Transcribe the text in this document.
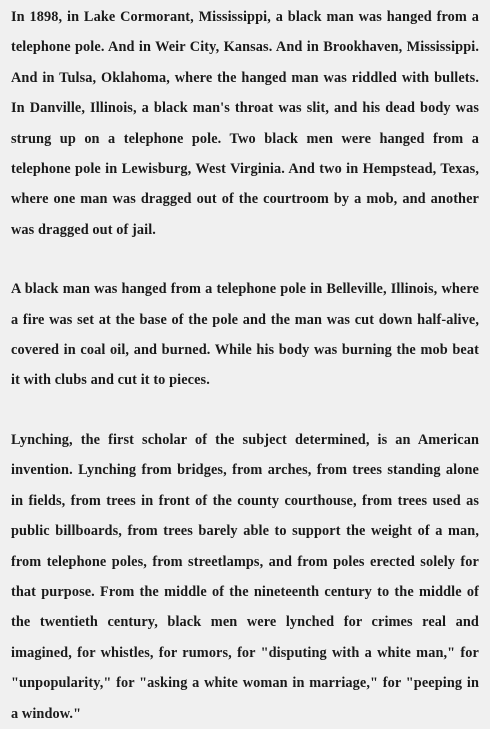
In 1898, in Lake Cormorant, Mississippi, a black man was hanged from a telephone pole. And in Weir City, Kansas. And in Brookhaven, Mississippi. And in Tulsa, Oklahoma, where the hanged man was riddled with bullets. In Danville, Illinois, a black man's throat was slit, and his dead body was strung up on a telephone pole. Two black men were hanged from a telephone pole in Lewisburg, West Virginia. And two in Hempstead, Texas, where one man was dragged out of the courtroom by a mob, and another was dragged out of jail.

A black man was hanged from a telephone pole in Belleville, Illinois, where a fire was set at the base of the pole and the man was cut down half-alive, covered in coal oil, and burned. While his body was burning the mob beat it with clubs and cut it to pieces.

Lynching, the first scholar of the subject determined, is an American invention. Lynching from bridges, from arches, from trees standing alone in fields, from trees in front of the county courthouse, from trees used as public billboards, from trees barely able to support the weight of a man, from telephone poles, from streetlamps, and from poles erected solely for that purpose. From the middle of the nineteenth century to the middle of the twentieth century, black men were lynched for crimes real and imagined, for whistles, for rumors, for "disputing with a white man," for "unpopularity," for "asking a white woman in marriage," for "peeping in a window."
